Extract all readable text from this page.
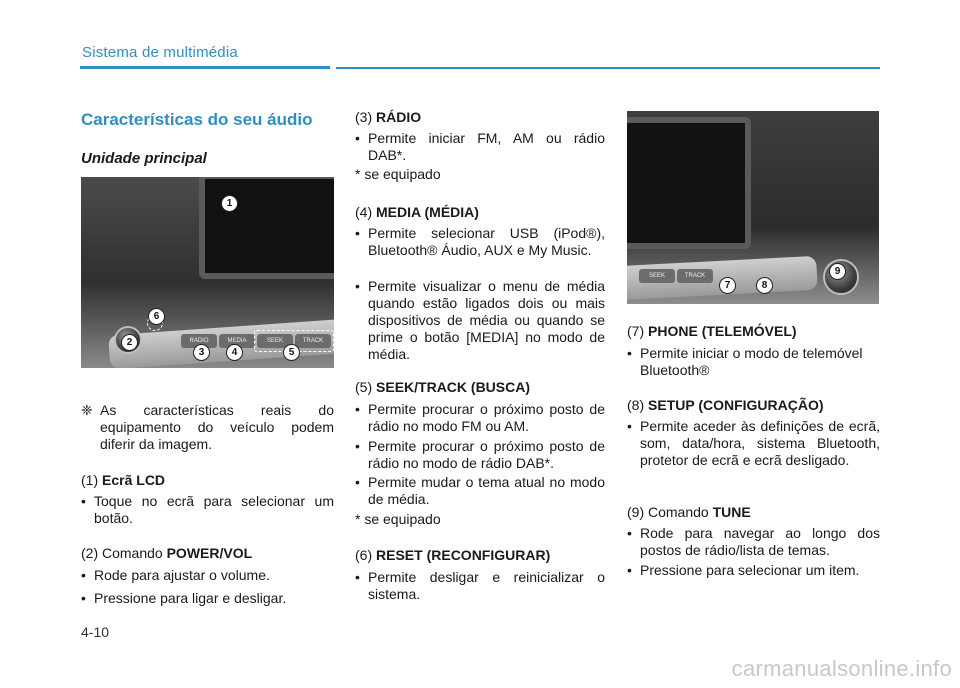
Sistema de multimédia
Características do seu áudio
Unidade principal
RADIO	MEDIA	SEEK	TRACK
1
2
3	4	5
6
SEEK	TRACK
7	8
9
❈ As características reais do equipamento do veículo podem diferir da imagem.
(1) Ecrã LCD
• Toque no ecrã para selecionar um botão.
(2) Comando POWER/VOL
• Rode para ajustar o volume.
• Pressione para ligar e desligar.
(3) RÁDIO
• Permite iniciar FM, AM ou rádio DAB*.
* se equipado
(4) MEDIA (MÉDIA)
• Permite selecionar USB (iPod®), Bluetooth® Áudio, AUX e My Music.
• Permite visualizar o menu de média quando estão ligados dois ou mais dispositivos de média ou quando se prime o botão [MEDIA] no modo de média.
(5) SEEK/TRACK (BUSCA)
• Permite procurar o próximo posto de rádio no modo FM ou AM.
• Permite procurar o próximo posto de rádio no modo de rádio DAB*.
• Permite mudar o tema atual no modo de média.
* se equipado
(6) RESET (RECONFIGURAR)
• Permite desligar e reinicializar o sistema.
(7) PHONE (TELEMÓVEL)
• Permite iniciar o modo de telemóvel Bluetooth®
(8) SETUP (CONFIGURAÇÃO)
• Permite aceder às definições de ecrã, som, data/hora, sistema Bluetooth, protetor de ecrã e ecrã desligado.
(9) Comando TUNE
• Rode para navegar ao longo dos postos de rádio/lista de temas.
• Pressione para selecionar um item.
4-10
carmanualsonline.info
